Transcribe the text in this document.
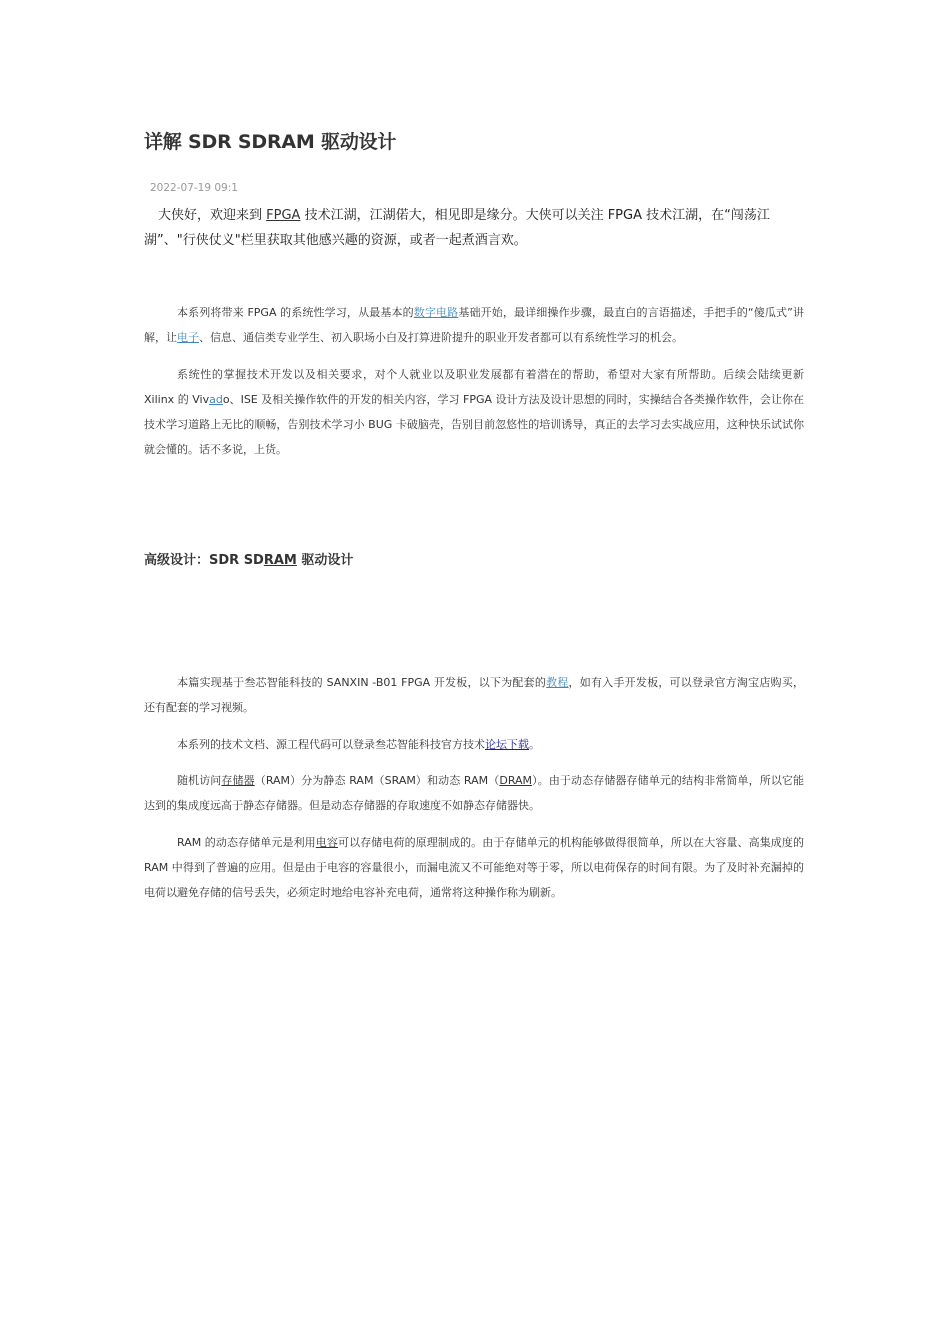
详解 SDR SDRAM 驱动设计
2022-07-19 09:1

大侠好，欢迎来到 FPGA 技术江湖，江湖偌大，相见即是缘分。大侠可以关注 FPGA 技术江湖，在“闯荡江湖”、"行侠仗义"栏里获取其他感兴趣的资源，或者一起煮酒言欢。

本系列将带来 FPGA 的系统性学习，从最基本的数字电路基础开始，最详细操作步骤，最直白的言语描述，手把手的“傻瓜式”讲解，让电子、信息、通信类专业学生、初入职场小白及打算进阶提升的职业开发者都可以有系统性学习的机会。

系统性的掌握技术开发以及相关要求，对个人就业以及职业发展都有着潜在的帮助，希望对大家有所帮助。后续会陆续更新 Xilinx 的 Vivado、ISE 及相关操作软件的开发的相关内容，学习 FPGA 设计方法及设计思想的同时，实操结合各类操作软件，会让你在技术学习道路上无比的顺畅，告别技术学习小 BUG 卡破脑壳，告别目前忽悠性的培训诱导，真正的去学习去实战应用，这种快乐试试你就会懂的。话不多说，上货。

高级设计：SDR SDRAM 驱动设计

本篇实现基于叁芯智能科技的 SANXIN -B01 FPGA 开发板，以下为配套的教程，如有入手开发板，可以登录官方淘宝店购买，还有配套的学习视频。

本系列的技术文档、源工程代码可以登录叁芯智能科技官方技术论坛下载。

随机访问存储器（RAM）分为静态 RAM（SRAM）和动态 RAM（DRAM）。由于动态存储器存储单元的结构非常简单，所以它能达到的集成度远高于静态存储器。但是动态存储器的存取速度不如静态存储器快。

RAM 的动态存储单元是利用电容可以存储电荷的原理制成的。由于存储单元的机构能够做得很简单，所以在大容量、高集成度的 RAM 中得到了普遍的应用。但是由于电容的容量很小，而漏电流又不可能绝对等于零，所以电荷保存的时间有限。为了及时补充漏掉的电荷以避免存储的信号丢失，必须定时地给电容补充电荷，通常将这种操作称为刷新。
